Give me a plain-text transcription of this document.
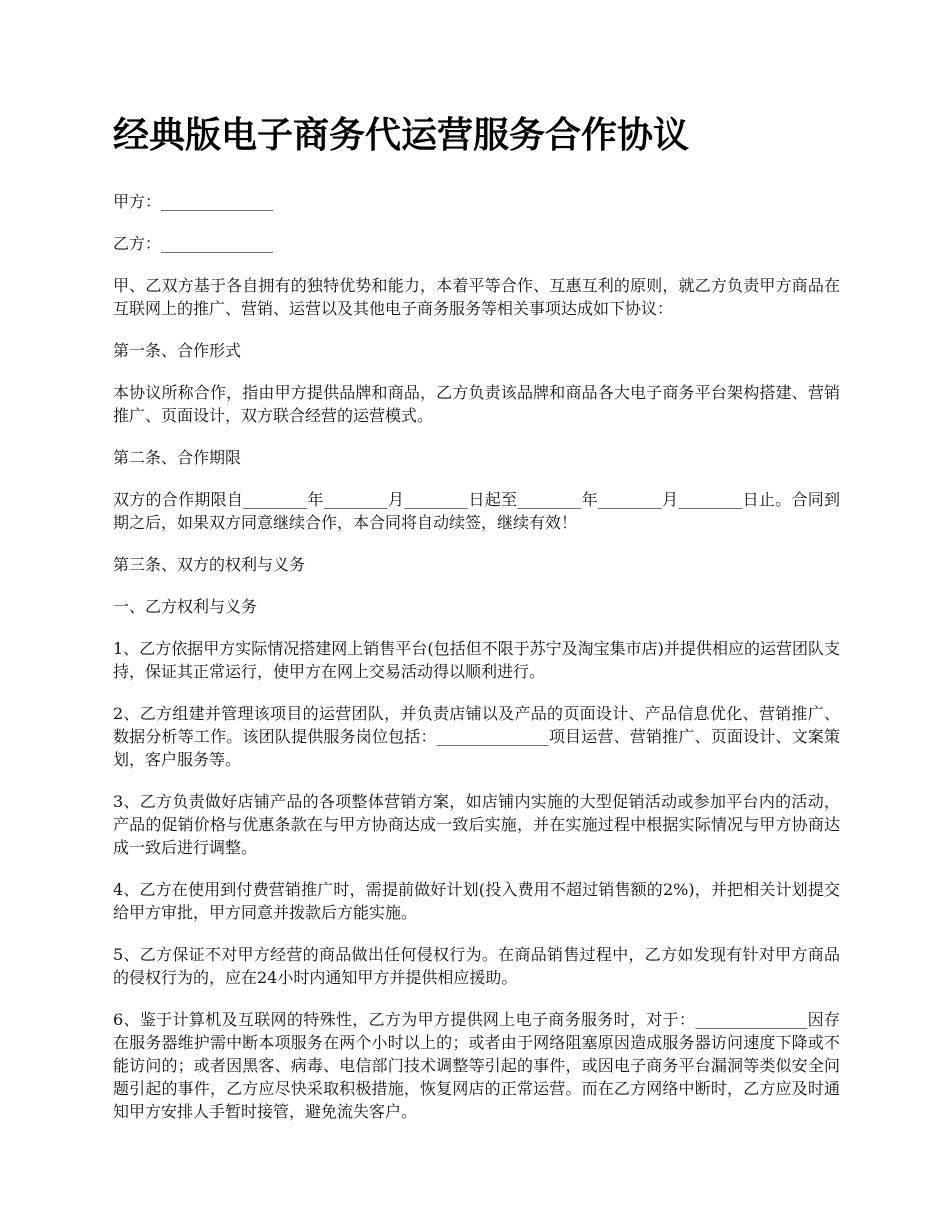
经典版电子商务代运营服务合作协议

甲方：______________

乙方：______________

甲、乙双方基于各自拥有的独特优势和能力，本着平等合作、互惠互利的原则，就乙方负责甲方商品在互联网上的推广、营销、运营以及其他电子商务服务等相关事项达成如下协议：

第一条、合作形式

本协议所称合作，指由甲方提供品牌和商品，乙方负责该品牌和商品各大电子商务平台架构搭建、营销推广、页面设计，双方联合经营的运营模式。

第二条、合作期限

双方的合作期限自________年________月________日起至________年________月________日止。合同到期之后，如果双方同意继续合作，本合同将自动续签，继续有效！

第三条、双方的权利与义务

一、乙方权利与义务

1、乙方依据甲方实际情况搭建网上销售平台(包括但不限于苏宁及淘宝集市店)并提供相应的运营团队支持，保证其正常运行，使甲方在网上交易活动得以顺利进行。

2、乙方组建并管理该项目的运营团队，并负责店铺以及产品的页面设计、产品信息优化、营销推广、数据分析等工作。该团队提供服务岗位包括：______________项目运营、营销推广、页面设计、文案策划，客户服务等。

3、乙方负责做好店铺产品的各项整体营销方案，如店铺内实施的大型促销活动或参加平台内的活动，产品的促销价格与优惠条款在与甲方协商达成一致后实施，并在实施过程中根据实际情况与甲方协商达成一致后进行调整。

4、乙方在使用到付费营销推广时，需提前做好计划(投入费用不超过销售额的2%)，并把相关计划提交给甲方审批，甲方同意并拨款后方能实施。

5、乙方保证不对甲方经营的商品做出任何侵权行为。在商品销售过程中，乙方如发现有针对甲方商品的侵权行为的，应在24小时内通知甲方并提供相应援助。

6、鉴于计算机及互联网的特殊性，乙方为甲方提供网上电子商务服务时，对于：______________因存在服务器维护需中断本项服务在两个小时以上的；或者由于网络阻塞原因造成服务器访问速度下降或不能访问的；或者因黑客、病毒、电信部门技术调整等引起的事件，或因电子商务平台漏洞等类似安全问题引起的事件，乙方应尽快采取积极措施，恢复网店的正常运营。而在乙方网络中断时，乙方应及时通知甲方安排人手暂时接管，避免流失客户。
